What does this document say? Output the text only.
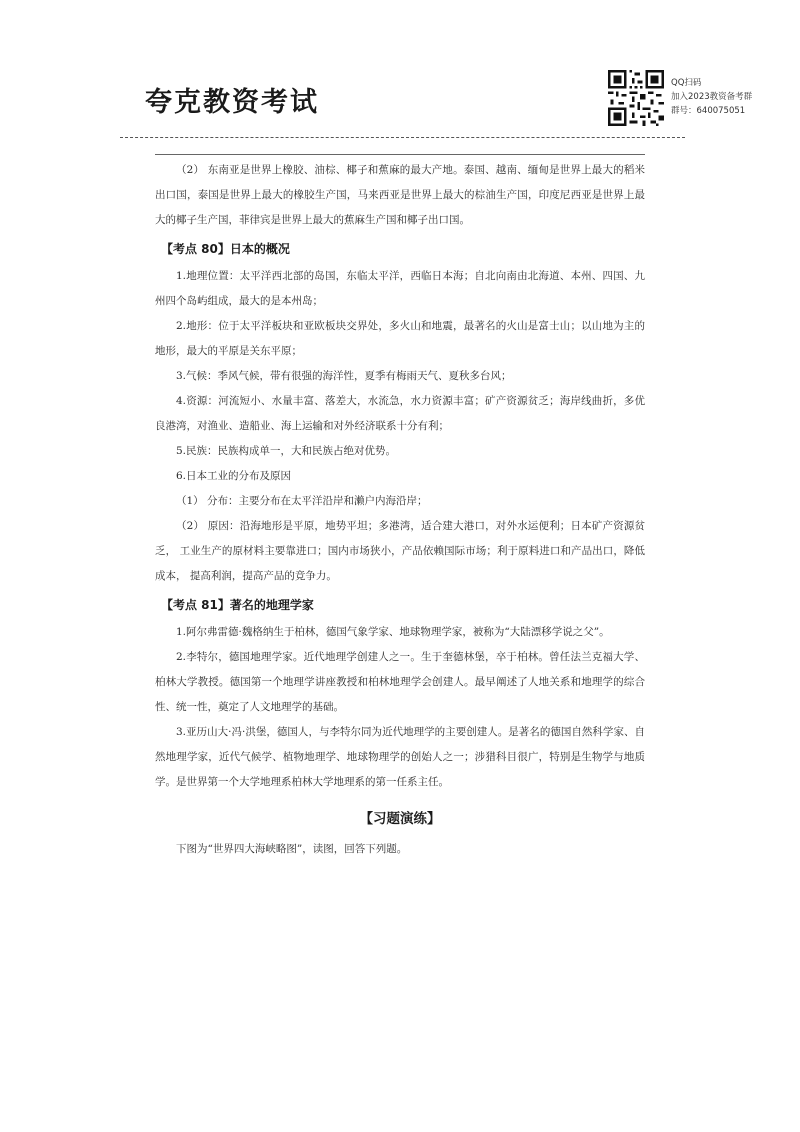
夸克教资考试
QQ扫码
加入2023教资备考群
群号：640075051

（2） 东南亚是世界上橡胶、油棕、椰子和蕉麻的最大产地。泰国、越南、缅甸是世界上最大的稻米出口国，泰国是世界上最大的橡胶生产国，马来西亚是世界上最大的棕油生产国，印度尼西亚是世界上最大的椰子生产国，菲律宾是世界上最大的蕉麻生产国和椰子出口国。

【考点 80】日本的概况

1.地理位置：太平洋西北部的岛国，东临太平洋，西临日本海；自北向南由北海道、本州、四国、九州四个岛屿组成，最大的是本州岛；

2.地形：位于太平洋板块和亚欧板块交界处，多火山和地震，最著名的火山是富士山；以山地为主的地形，最大的平原是关东平原；

3.气候：季风气候，带有很强的海洋性，夏季有梅雨天气、夏秋多台风；

4.资源：河流短小、水量丰富、落差大，水流急，水力资源丰富；矿产资源贫乏；海岸线曲折，多优良港湾，对渔业、造船业、海上运输和对外经济联系十分有利；

5.民族：民族构成单一，大和民族占绝对优势。

6.日本工业的分布及原因

（1） 分布：主要分布在太平洋沿岸和濑户内海沿岸；

（2） 原因：沿海地形是平原，地势平坦；多港湾，适合建大港口，对外水运便利；日本矿产资源贫乏， 工业生产的原材料主要靠进口；国内市场狭小，产品依赖国际市场；利于原料进口和产品出口，降低成本， 提高利润，提高产品的竞争力。

【考点 81】著名的地理学家

1.阿尔弗雷德·魏格纳生于柏林，德国气象学家、地球物理学家，被称为“大陆漂移学说之父”。

2.李特尔，德国地理学家。近代地理学创建人之一。生于奎德林堡，卒于柏林。曾任法兰克福大学、柏林大学教授。德国第一个地理学讲座教授和柏林地理学会创建人。最早阐述了人地关系和地理学的综合性、统一性，奠定了人文地理学的基础。

3.亚历山大·冯·洪堡，德国人，与李特尔同为近代地理学的主要创建人。是著名的德国自然科学家、自 然地理学家，近代气候学、植物地理学、地球物理学的创始人之一；涉猎科目很广，特别是生物学与地质学。是世界第一个大学地理系柏林大学地理系的第一任系主任。

【习题演练】

下图为“世界四大海峡略图”，读图，回答下列题。
